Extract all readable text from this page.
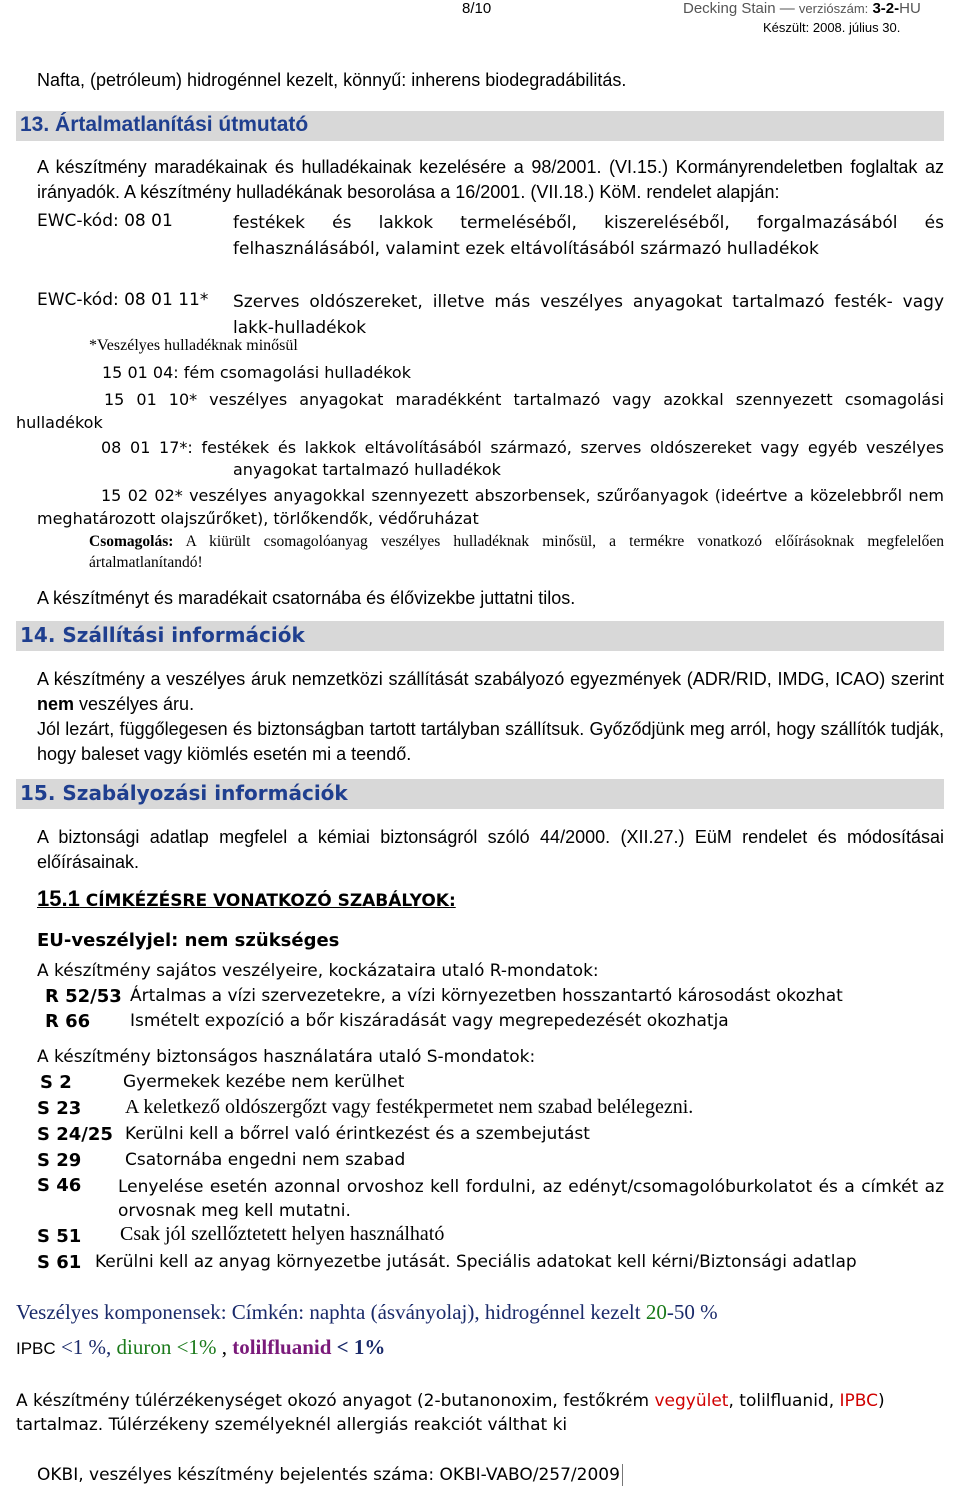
8/10	Decking Stain — verziószám: 3-2-HU
Készült: 2008. július 30.
Nafta, (petróleum) hidrogénnel kezelt, könnyű: inherens biodegradábilitás.
13. Ártalmatlanítási útmutató
A készítmény maradékainak és hulladékainak kezelésére a 98/2001. (VI.15.) Kormányrendeletben foglaltak az irányadók. A készítmény hulladékának besorolása a 16/2001. (VII.18.) KöM. rendelet alapján:
EWC-kód: 08 01	festékek és lakkok termeléséből, kiszereléséből, forgalmazásából és felhasználásából, valamint ezek eltávolításából származó hulladékok
EWC-kód: 08 01 11* Szerves oldószereket, illetve más veszélyes anyagokat tartalmazó festék- vagy lakk-hulladékok
*Veszélyes hulladéknak minősül
15 01 04: fém csomagolási hulladékok
15 01 10* veszélyes anyagokat maradékként tartalmazó vagy azokkal szennyezett csomagolási
hulladékok
08 01 17*: festékek és lakkok eltávolításából származó, szerves oldószereket vagy egyéb veszélyes
anyagokat tartalmazó hulladékok
15 02 02* veszélyes anyagokkal szennyezett abszorbensek, szűrőanyagok (ideértve a közelebbről nem
meghatározott olajszűrőket), törlőkendők, védőruházat
Csomagolás: A kiürült csomagolóanyag veszélyes hulladéknak minősül, a termékre vonatkozó előírásoknak megfelelően ártalmatlanítandó!
A készítményt és maradékait csatornába és élővizekbe juttatni tilos.
14. Szállítási információk
A készítmény a veszélyes áruk nemzetközi szállítását szabályozó egyezmények (ADR/RID, IMDG, ICAO) szerint nem veszélyes áru.
Jól lezárt, függőlegesen és biztonságban tartott tartályban szállítsuk. Győződjünk meg arról, hogy szállítók tudják, hogy baleset vagy kiömlés esetén mi a teendő.
15. Szabályozási információk
A biztonsági adatlap megfelel a kémiai biztonságról szóló 44/2000. (XII.27.) EüM rendelet és módosításai előírásainak.
15.1 CÍMKÉZÉSRE VONATKOZÓ SZABÁLYOK:
EU-veszélyjel: nem szükséges
A készítmény sajátos veszélyeire, kockázataira utaló R-mondatok:
R 52/53 Ártalmas a vízi szervezetekre, a vízi környezetben hosszantartó károsodást okozhat
R 66 Ismételt expozíció a bőr kiszáradását vagy megrepedezését okozhatja
A készítmény biztonságos használatára utaló S-mondatok:
S 2	Gyermekek kezébe nem kerülhet
S 23 A keletkező oldószergőzt vagy festékpermetet nem szabad belélegezni.
S 24/25 Kerülni kell a bőrrel való érintkezést és a szembejutást
S 29	Csatornába engedni nem szabad
S 46 Lenyelése esetén azonnal orvoshoz kell fordulni, az edényt/csomagolóburkolatot és a címkét az orvosnak meg kell mutatni.
S 51 Csak jól szellőztetett helyen használható
S 61 Kerülni kell az anyag környezetbe jutását. Speciális adatokat kell kérni/Biztonsági adatlap
Veszélyes komponensek: Címkén: naphta (ásványolaj), hidrogénnel kezelt 20-50 %
IPBC <1 %, diuron <1% , tolilfluanid < 1%
A készítmény túlérzékenységet okozó anyagot (2-butanonoxim, festőkrém vegyület, tolilfluanid, IPBC) tartalmaz. Túlérzékeny személyeknél allergiás reakciót válthat ki
OKBI, veszélyes készítmény bejelentés száma: OKBI-VABO/257/2009
